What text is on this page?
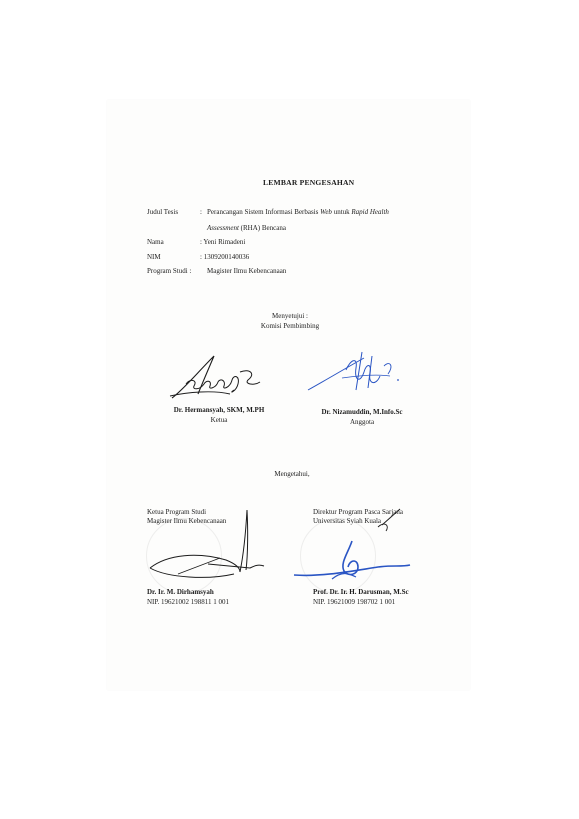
LEMBAR PENGESAHAN
Judul Tesis	: Perancangan Sistem Informasi Berbasis Web untuk Rapid Health
Assessment (RHA) Bencana
Nama	: Yeni Rimadeni
NIM	: 1309200140036
Program Studi : Magister Ilmu Kebencanaan
Menyetujui :
Komisi Pembimbing
Dr. Hermansyah, SKM, M.PH
Ketua
Dr. Nizamuddin, M.Info.Sc
Anggota
Mengetahui,
Ketua Program Studi
Magister Ilmu Kebencanaan
Direktur Program Pasca Sarjana
Universitas Syiah Kuala
Dr. Ir. M. Dirhamsyah
NIP. 19621002 198811 1 001
Prof. Dr. Ir. H. Darusman, M.Sc
NIP. 19621009 198702 1 001
